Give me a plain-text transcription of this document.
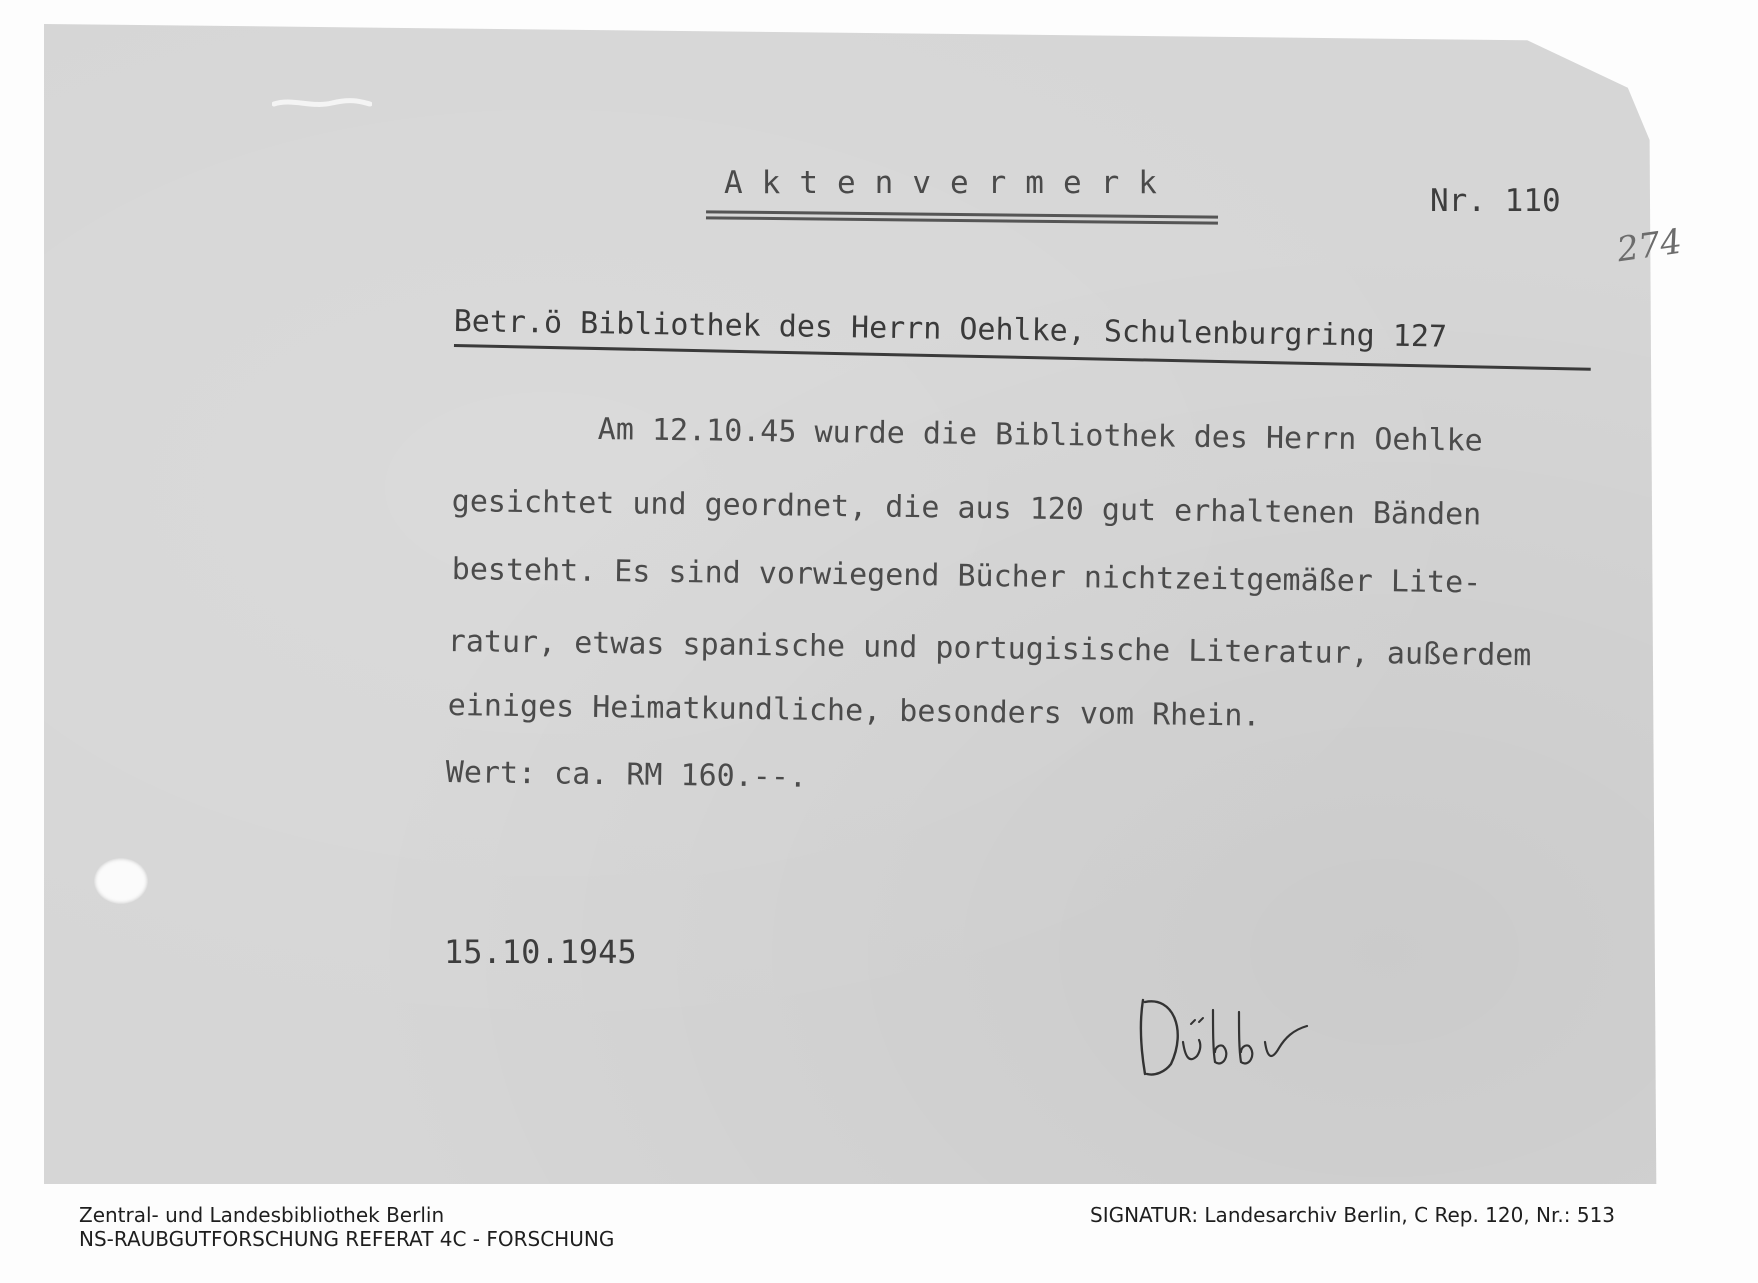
Aktenvermerk	Nr. 110
274
Betr.ö Bibliothek des Herrn Oehlke, Schulenburgring 127
Am 12.10.45 wurde die Bibliothek des Herrn Oehlke
gesichtet und geordnet, die aus 120 gut erhaltenen Bänden
besteht. Es sind vorwiegend Bücher nichtzeitgemäßer Lite-
ratur, etwas spanische und portugisische Literatur, außerdem
einiges Heimatkundliche, besonders vom Rhein.
Wert: ca. RM 160.--.
15.10.1945
Zentral- und Landesbibliothek Berlin
NS-RAUBGUTFORSCHUNG REFERAT 4C - FORSCHUNG
SIGNATUR: Landesarchiv Berlin, C Rep. 120, Nr.: 513
